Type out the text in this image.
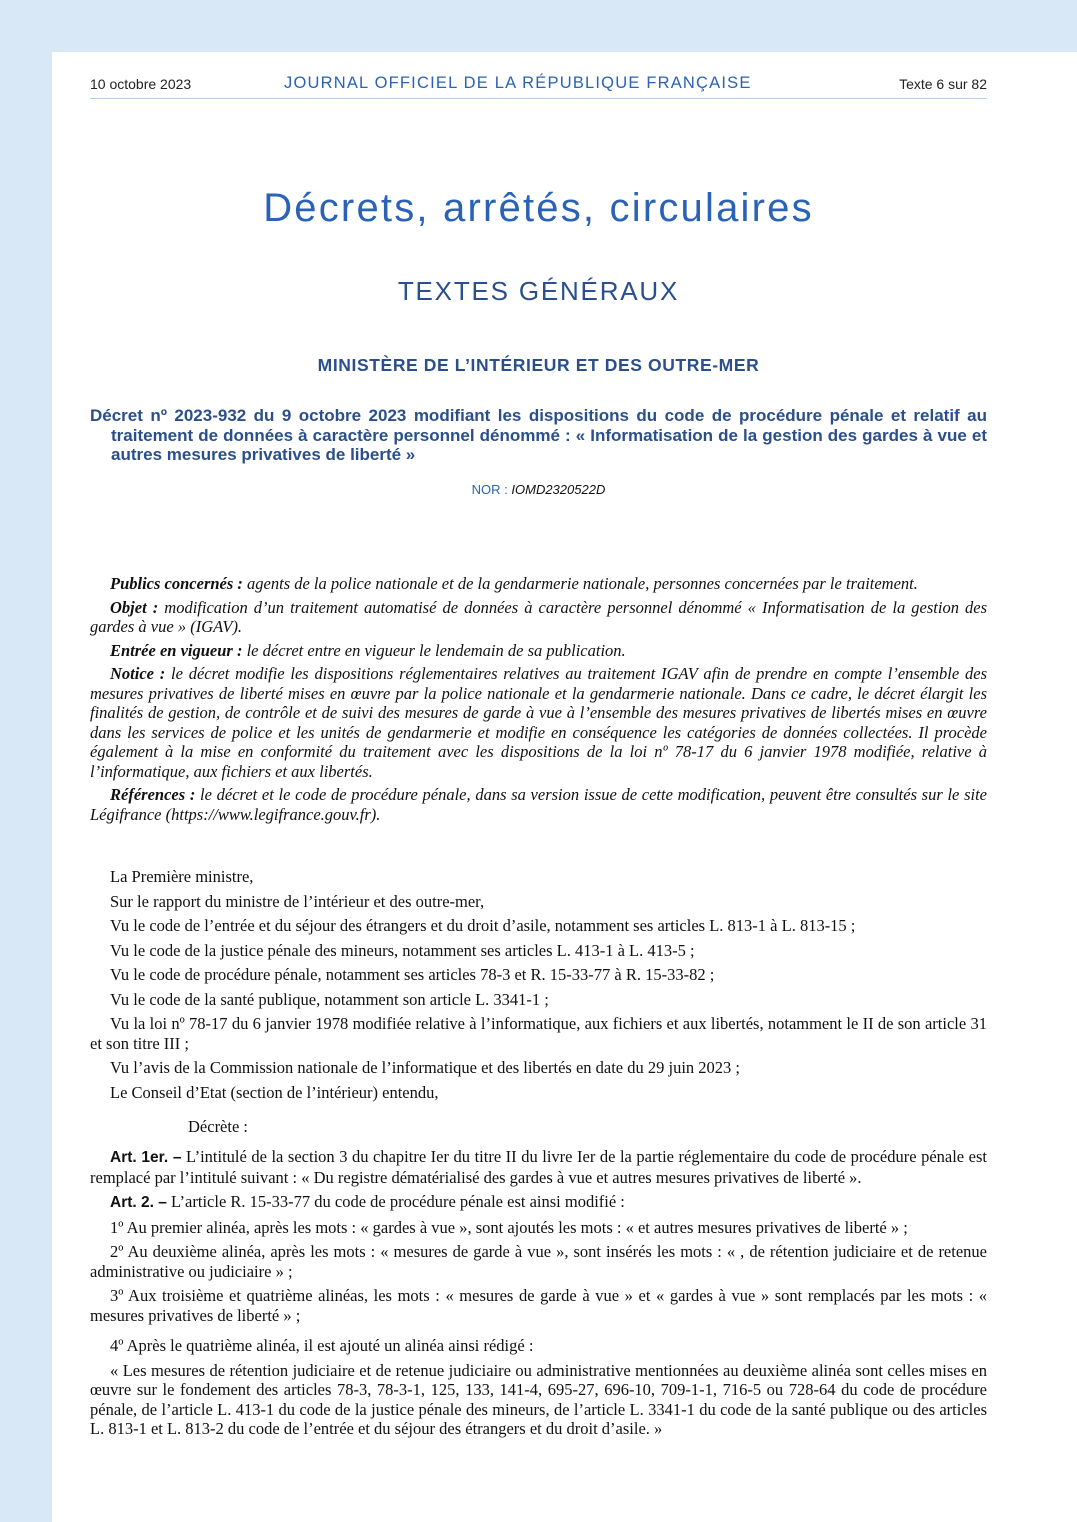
10 octobre 2023	JOURNAL OFFICIEL DE LA RÉPUBLIQUE FRANÇAISE	Texte 6 sur 82
Décrets, arrêtés, circulaires
TEXTES GÉNÉRAUX
MINISTÈRE DE L’INTÉRIEUR ET DES OUTRE-MER
Décret nº 2023-932 du 9 octobre 2023 modifiant les dispositions du code de procédure pénale et relatif au traitement de données à caractère personnel dénommé : « Informatisation de la gestion des gardes à vue et autres mesures privatives de liberté »
NOR : IOMD2320522D

Publics concernés : agents de la police nationale et de la gendarmerie nationale, personnes concernées par le traitement.

Objet : modification d’un traitement automatisé de données à caractère personnel dénommé « Informatisation de la gestion des gardes à vue » (IGAV).

Entrée en vigueur : le décret entre en vigueur le lendemain de sa publication.

Notice : le décret modifie les dispositions réglementaires relatives au traitement IGAV afin de prendre en compte l’ensemble des mesures privatives de liberté mises en œuvre par la police nationale et la gendarmerie nationale. Dans ce cadre, le décret élargit les finalités de gestion, de contrôle et de suivi des mesures de garde à vue à l’ensemble des mesures privatives de libertés mises en œuvre dans les services de police et les unités de gendarmerie et modifie en conséquence les catégories de données collectées. Il procède également à la mise en conformité du traitement avec les dispositions de la loi nº 78-17 du 6 janvier 1978 modifiée, relative à l’informatique, aux fichiers et aux libertés.

Références : le décret et le code de procédure pénale, dans sa version issue de cette modification, peuvent être consultés sur le site Légifrance (https://www.legifrance.gouv.fr).

La Première ministre,

Sur le rapport du ministre de l’intérieur et des outre-mer,

Vu le code de l’entrée et du séjour des étrangers et du droit d’asile, notamment ses articles L. 813-1 à L. 813-15 ;

Vu le code de la justice pénale des mineurs, notamment ses articles L. 413-1 à L. 413-5 ;

Vu le code de procédure pénale, notamment ses articles 78-3 et R. 15-33-77 à R. 15-33-82 ;

Vu le code de la santé publique, notamment son article L. 3341-1 ;

Vu la loi nº 78-17 du 6 janvier 1978 modifiée relative à l’informatique, aux fichiers et aux libertés, notamment le II de son article 31 et son titre III ;

Vu l’avis de la Commission nationale de l’informatique et des libertés en date du 29 juin 2023 ;

Le Conseil d’Etat (section de l’intérieur) entendu,

Décrète :

Art. 1er. – L’intitulé de la section 3 du chapitre Ier du titre II du livre Ier de la partie réglementaire du code de procédure pénale est remplacé par l’intitulé suivant : « Du registre dématérialisé des gardes à vue et autres mesures privatives de liberté ».

Art. 2. – L’article R. 15-33-77 du code de procédure pénale est ainsi modifié :

1º Au premier alinéa, après les mots : « gardes à vue », sont ajoutés les mots : « et autres mesures privatives de liberté » ;

2º Au deuxième alinéa, après les mots : « mesures de garde à vue », sont insérés les mots : « , de rétention judiciaire et de retenue administrative ou judiciaire » ;

3º Aux troisième et quatrième alinéas, les mots : « mesures de garde à vue » et « gardes à vue » sont remplacés par les mots : « mesures privatives de liberté » ;

4º Après le quatrième alinéa, il est ajouté un alinéa ainsi rédigé :

« Les mesures de rétention judiciaire et de retenue judiciaire ou administrative mentionnées au deuxième alinéa sont celles mises en œuvre sur le fondement des articles 78-3, 78-3-1, 125, 133, 141-4, 695-27, 696-10, 709-1-1, 716-5 ou 728-64 du code de procédure pénale, de l’article L. 413-1 du code de la justice pénale des mineurs, de l’article L. 3341-1 du code de la santé publique ou des articles L. 813-1 et L. 813-2 du code de l’entrée et du séjour des étrangers et du droit d’asile. »
